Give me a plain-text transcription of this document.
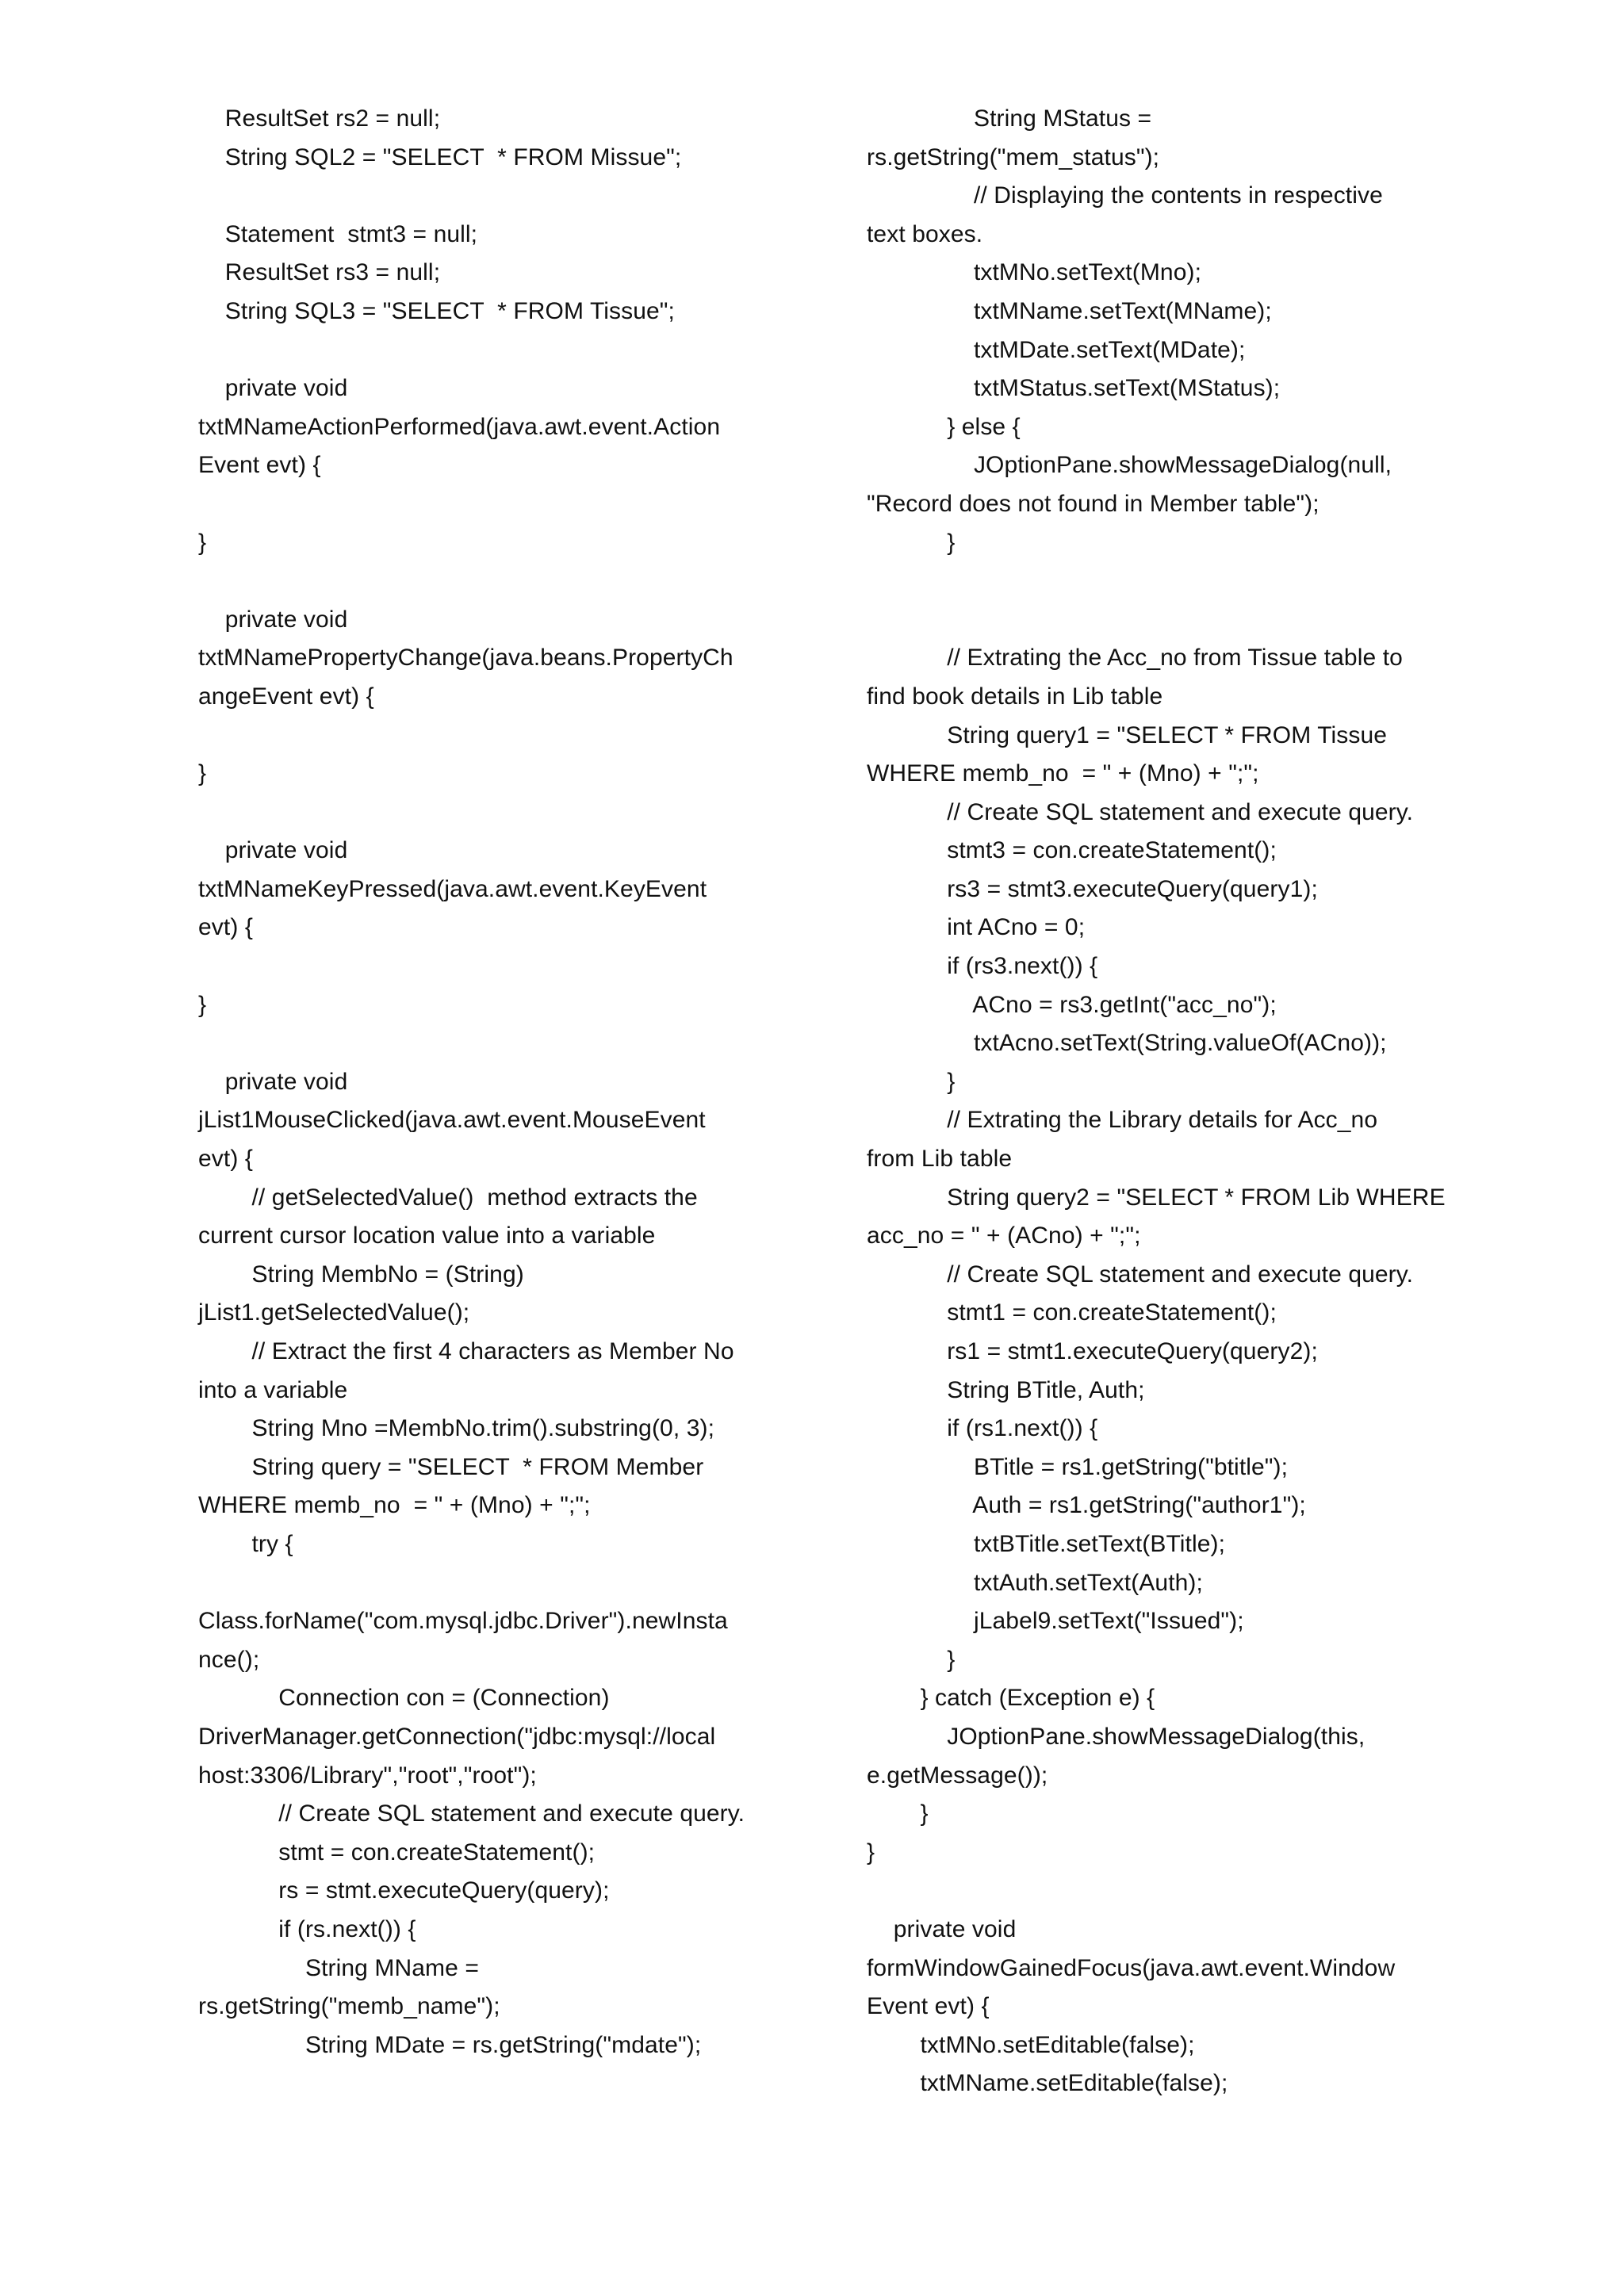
ResultSet rs2 = null;
String SQL2 = "SELECT  * FROM Missue";
Statement  stmt3 = null;
ResultSet rs3 = null;
String SQL3 = "SELECT  * FROM Tissue";
private void
txtMNameActionPerformed(java.awt.event.Action
Event evt) {
}
private void
txtMNamePropertyChange(java.beans.PropertyCh
angeEvent evt) {
}
private void
txtMNameKeyPressed(java.awt.event.KeyEvent
evt) {
}
private void
jList1MouseClicked(java.awt.event.MouseEvent
evt) {
// getSelectedValue()  method extracts the
current cursor location value into a variable
String MembNo = (String)
jList1.getSelectedValue();
// Extract the first 4 characters as Member No
into a variable
String Mno =MembNo.trim().substring(0, 3);
String query = "SELECT  * FROM Member
WHERE memb_no  = " + (Mno) + ";";
try {
Class.forName("com.mysql.jdbc.Driver").newInsta
nce();
Connection con = (Connection)
DriverManager.getConnection("jdbc:mysql://local
host:3306/Library","root","root");
// Create SQL statement and execute query.
stmt = con.createStatement();
rs = stmt.executeQuery(query);
if (rs.next()) {
String MName =
rs.getString("memb_name");
String MDate = rs.getString("mdate");
String MStatus =
rs.getString("mem_status");
// Displaying the contents in respective
text boxes.
txtMNo.setText(Mno);
txtMName.setText(MName);
txtMDate.setText(MDate);
txtMStatus.setText(MStatus);
} else {
JOptionPane.showMessageDialog(null,
"Record does not found in Member table");
}
// Extrating the Acc_no from Tissue table to
find book details in Lib table
String query1 = "SELECT * FROM Tissue
WHERE memb_no  = " + (Mno) + ";";
// Create SQL statement and execute query.
stmt3 = con.createStatement();
rs3 = stmt3.executeQuery(query1);
int ACno = 0;
if (rs3.next()) {
ACno = rs3.getInt("acc_no");
txtAcno.setText(String.valueOf(ACno));
}
// Extrating the Library details for Acc_no
from Lib table
String query2 = "SELECT * FROM Lib WHERE
acc_no = " + (ACno) + ";";
// Create SQL statement and execute query.
stmt1 = con.createStatement();
rs1 = stmt1.executeQuery(query2);
String BTitle, Auth;
if (rs1.next()) {
BTitle = rs1.getString("btitle");
Auth = rs1.getString("author1");
txtBTitle.setText(BTitle);
txtAuth.setText(Auth);
jLabel9.setText("Issued");
}
} catch (Exception e) {
JOptionPane.showMessageDialog(this,
e.getMessage());
}
}
private void
formWindowGainedFocus(java.awt.event.Window
Event evt) {
txtMNo.setEditable(false);
txtMName.setEditable(false);
